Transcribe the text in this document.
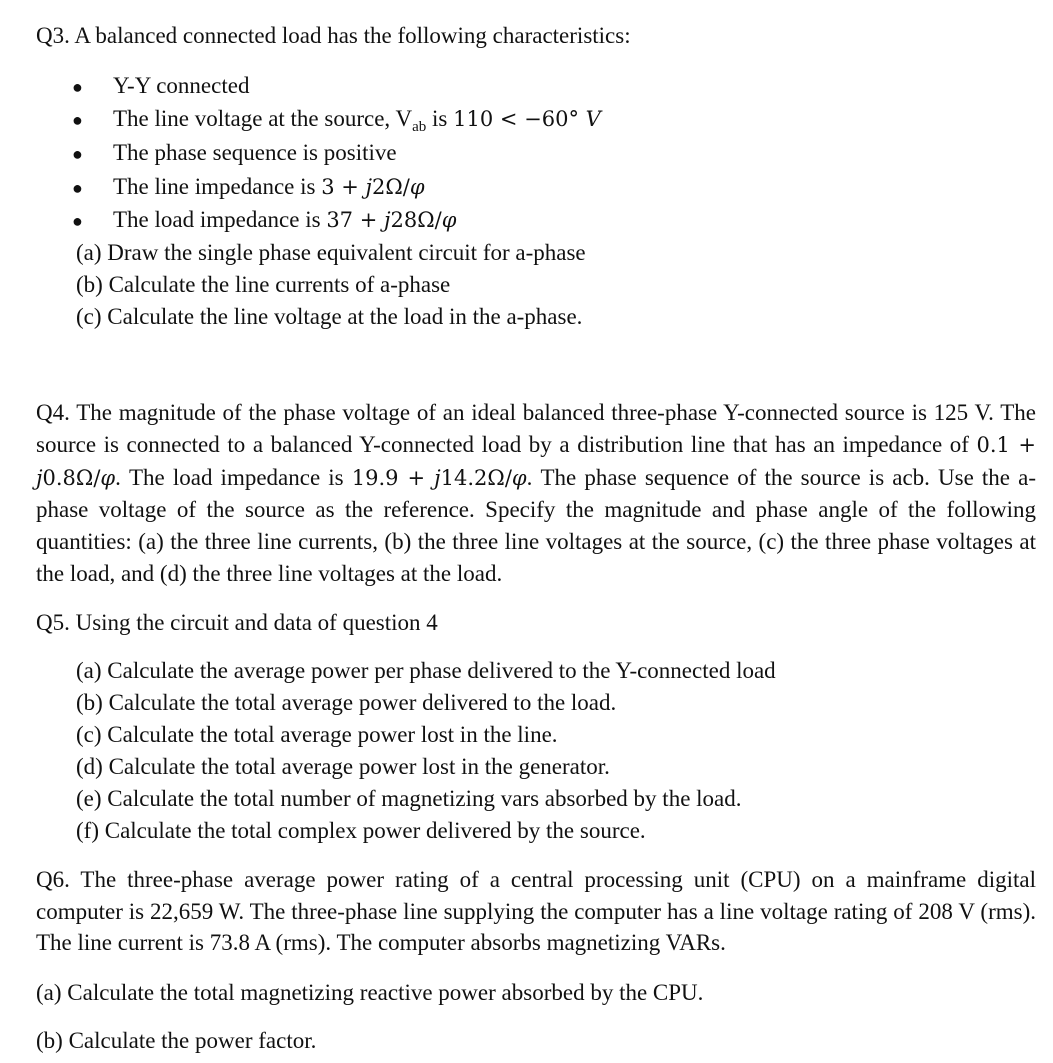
Q3. A balanced connected load has the following characteristics:
● Y-Y connected
● The line voltage at the source, $V_{ab}$ is 110 < −60° V
● The phase sequence is positive
● The line impedance is 3 + j2Ω/φ
● The load impedance is 37 + j28Ω/φ
(a) Draw the single phase equivalent circuit for a-phase
(b) Calculate the line currents of a-phase
(c) Calculate the line voltage at the load in the a-phase.
Q4. The magnitude of the phase voltage of an ideal balanced three-phase Y-connected source is 125 V. The source is connected to a balanced Y-connected load by a distribution line that has an impedance of 0.1 + j0.8Ω/φ. The load impedance is 19.9 + j14.2Ω/φ. The phase sequence of the source is acb. Use the a-phase voltage of the source as the reference. Specify the magnitude and phase angle of the following quantities: (a) the three line currents, (b) the three line voltages at the source, (c) the three phase voltages at the load, and (d) the three line voltages at the load.
Q5. Using the circuit and data of question 4
(a) Calculate the average power per phase delivered to the Y-connected load
(b) Calculate the total average power delivered to the load.
(c) Calculate the total average power lost in the line.
(d) Calculate the total average power lost in the generator.
(e) Calculate the total number of magnetizing vars absorbed by the load.
(f) Calculate the total complex power delivered by the source.
Q6. The three-phase average power rating of a central processing unit (CPU) on a mainframe digital computer is 22,659 W. The three-phase line supplying the computer has a line voltage rating of 208 V (rms). The line current is 73.8 A (rms). The computer absorbs magnetizing VARs.
(a) Calculate the total magnetizing reactive power absorbed by the CPU.
(b) Calculate the power factor.
